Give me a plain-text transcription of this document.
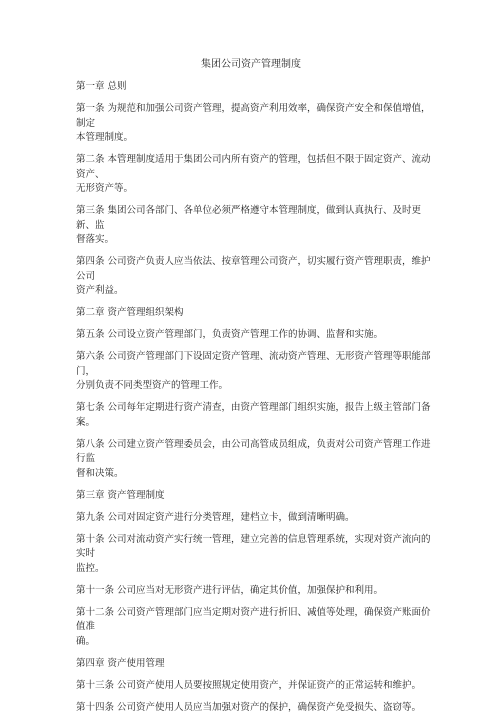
集团公司资产管理制度

第一章 总则

第一条 为规范和加强公司资产管理，提高资产利用效率，确保资产安全和保值增值，制定
本管理制度。

第二条 本管理制度适用于集团公司内所有资产的管理，包括但不限于固定资产、流动资产、
无形资产等。

第三条 集团公司各部门、各单位必须严格遵守本管理制度，做到认真执行、及时更新、监
督落实。

第四条 公司资产负责人应当依法、按章管理公司资产，切实履行资产管理职责，维护公司
资产利益。

第二章 资产管理组织架构

第五条 公司设立资产管理部门，负责资产管理工作的协调、监督和实施。

第六条 公司资产管理部门下设固定资产管理、流动资产管理、无形资产管理等职能部门，
分别负责不同类型资产的管理工作。

第七条 公司每年定期进行资产清查，由资产管理部门组织实施，报告上级主管部门备案。

第八条 公司建立资产管理委员会，由公司高管成员组成，负责对公司资产管理工作进行监
督和决策。

第三章 资产管理制度

第九条 公司对固定资产进行分类管理，建档立卡，做到清晰明确。

第十条 公司对流动资产实行统一管理，建立完善的信息管理系统，实现对资产流向的实时
监控。

第十一条 公司应当对无形资产进行评估，确定其价值，加强保护和利用。

第十二条 公司资产管理部门应当定期对资产进行折旧、减值等处理，确保资产账面价值准
确。

第四章 资产使用管理

第十三条 公司资产使用人员要按照规定使用资产，并保证资产的正常运转和维护。

第十四条 公司资产使用人员应当加强对资产的保护，确保资产免受损失、盗窃等。
